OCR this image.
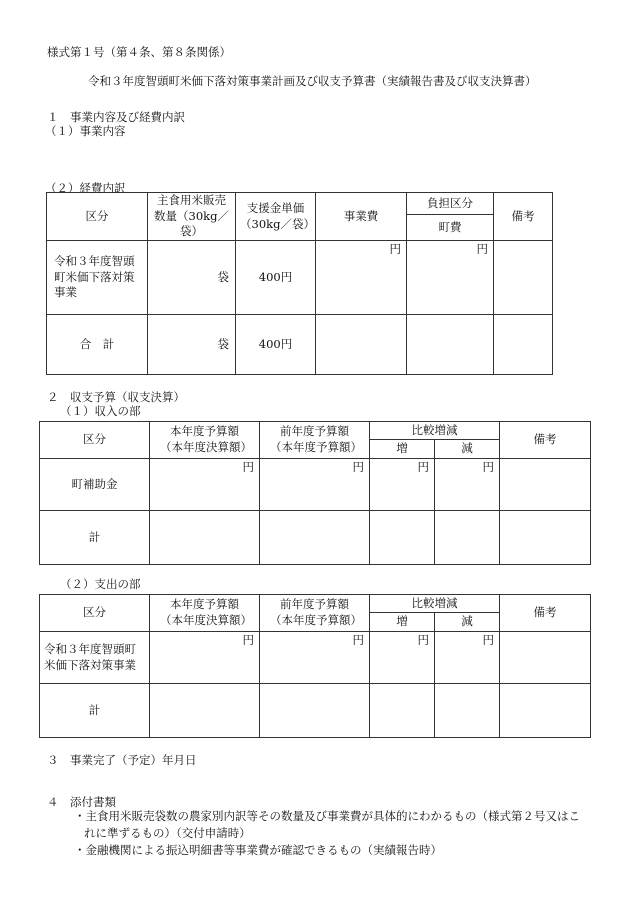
様式第１号（第４条、第８条関係）
令和３年度智頭町米価下落対策事業計画及び収支予算書（実績報告書及び収支決算書）
１　事業内容及び経費内訳
（１）事業内容
（２）経費内訳
区分	主食用米販売数量（30kg／袋）	支援金単価（30kg／袋）	事業費	負担区分	備考
				町費	
令和３年度智頭町米価下落対策事業	袋	400円	円	円	
合　計	袋	400円			
２　収支予算（収支決算）
（１）収入の部
区分	本年度予算額（本年度決算額）	前年度予算額（本年度予算額）	比較増減		備考
			増	減	
町補助金	円	円	円	円	
計					
（２）支出の部
区分	本年度予算額（本年度決算額）	前年度予算額（本年度予算額）	比較増減		備考
			増	減	
令和３年度智頭町米価下落対策事業	円	円	円	円	
計					
３　事業完了（予定）年月日
４　添付書類
・主食用米販売袋数の農家別内訳等その数量及び事業費が具体的にわかるもの（様式第２号又はこ
れに準ずるもの）（交付申請時）
・金融機関による振込明細書等事業費が確認できるもの（実績報告時）
